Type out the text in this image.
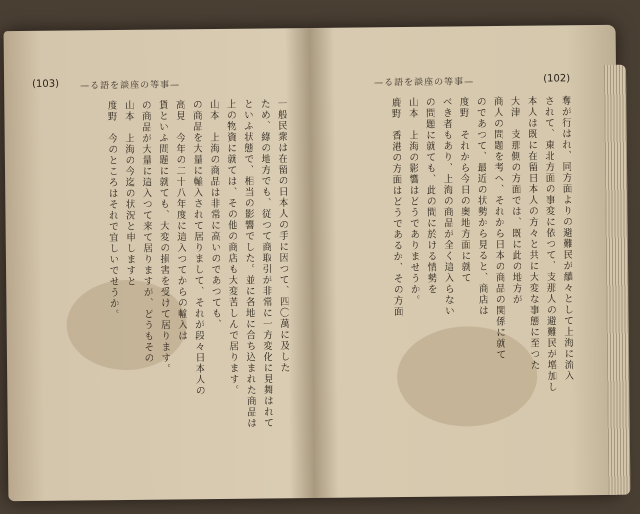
(103) —る語を談座の等事—
一般民衆は在留の日本人の手に因つて、四〇萬に及した
ため、綠の地方でも、従つて商取引が非常に一方変化に見舞はれて
といふ状態で、相当の影響でした。並に各地に合ち込まれた商品は
上の物資に就ては、その他の商店も大変苦しんで居ります。
山本　上海の商品は非常に高いのであつても、
の商品を大量に輸入されて居りまして、それが段々日本人の
高見　今年の二十八年度に這入つてからの輸入は
貨といふ問題に就ても、大変の損害を受けて居ります。
の商品が大量に這入つて来て居りますが、どうもその
山本　上海の今迄の状況と申しますと
度野　今のところはそれで宜しいでせうか。
(102)
—る語を談座の等事—
奪が行はれ、同方面よりの避難民が續々として上海に流入
されて、東北方面の事変に依つて、支那人の避難民が増加し
本人は既に在留日本人の方々と共に大変な事態に至つた
大津　支那側の方面では、既に此の地方が
商人の問題を考へ、それから日本の商品の関係に就て
のであつて、最近の状勢から見ると、商店は
度野　それから今日の奥地方面に就て
べき者もあり、上海の商品が全く這入らない
の問題に就ても、此の間に於ける情勢を
山本　上海の影響はどうでありませうか。
鹿野　香港の方面はどうであるか、その方面
